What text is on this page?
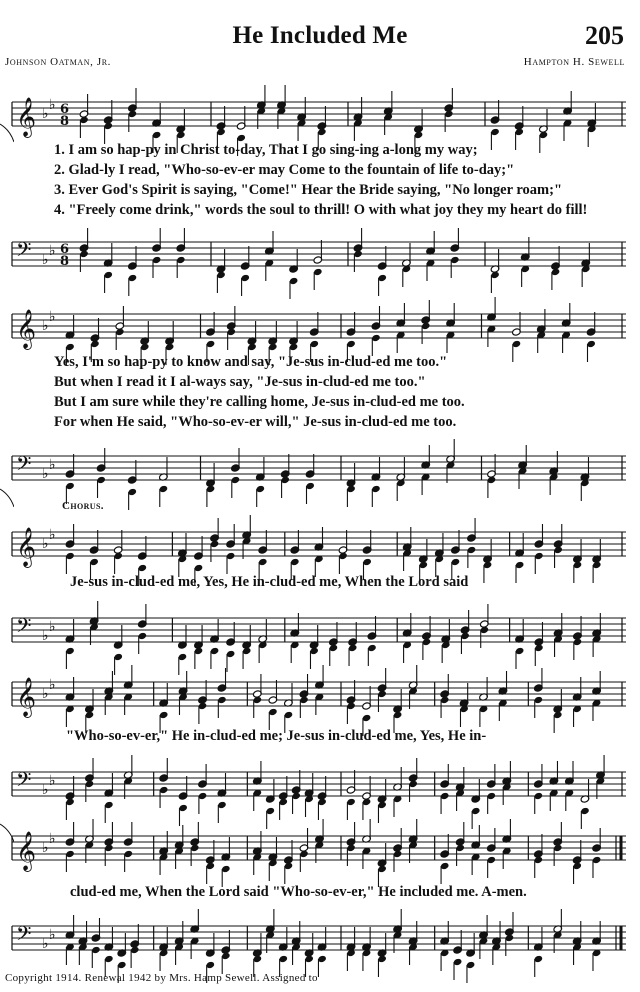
He Included Me	205
Johnson Oatman, Jr.	Hampton H. Sewell
𝄞 ♭
♭ 6
8
1. I am so hap-py in Christ to-day, That I go sing-ing a-long my way;
2. Glad-ly I read, "Who-so-ev-er may Come to the fountain of life to-day;"
3. Ever God's Spirit is saying, "Come!" Hear the Bride saying, "No longer roam;"
4. "Freely come drink," words the soul to thrill! O with what joy they my heart do fill!
𝄢 ♭
♭ 6
8
𝄞 ♭
♭
Yes, I'm so hap-py to know and say, "Je-sus in-clud-ed me too."
But when I read it I al-ways say, "Je-sus in-clud-ed me too."
But I am sure while they're calling home, Je-sus in-clud-ed me too.
For when He said, "Who-so-ev-er will," Je-sus in-clud-ed me too.
𝄢 ♭
♭
Chorus.
𝄞 ♭
♭
Je-sus in-clud-ed me, Yes, He in-clud-ed me, When the Lord said
𝄢 ♭
♭
𝄞 ♭
♭
"Who-so-ev-er," He in-clud-ed me; Je-sus in-clud-ed me, Yes, He in-
𝄢 ♭
♭
𝄞 ♭
♭
clud-ed me, When the Lord said "Who-so-ev-er," He included me. A-men.
𝄢 ♭
♭
Copyright 1914. Renewal 1942 by Mrs. Hamp Sewell. Assigned to
